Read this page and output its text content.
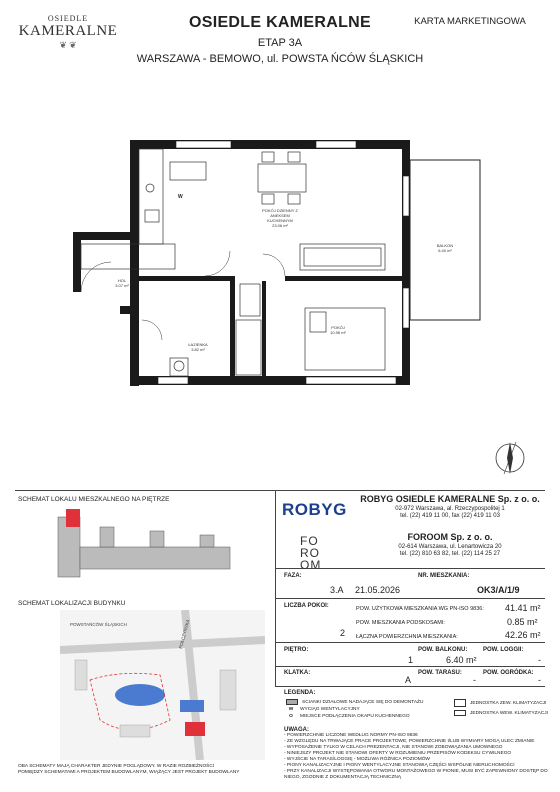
OSIEDLE
KAMERALNE
❦ ❦
OSIEDLE KAMERALNE
ETAP 3A
WARSZAWA - BEMOWO, ul. POWSTA ŃCÓW ŚLĄSKICH
KARTA MARKETINGOWA
POKÓJ DZIENNY Z
ANEKSEM
KUCHENNYM
23.06 m²
BALKON
6.40 m²
HOL
3.07 m²
ŁAZIENKA
3.82 m²
POKÓJ
10.96 m²
W
SCHEMAT LOKALU MIESZKALNEGO NA PIĘTRZE
SCHEMAT LOKALIZACJI BUDYNKU
POWSTAŃCÓW ŚLĄSKICH	POŁCZYŃSKA
OBA SCHEMATY MAJĄ CHARAKTER JEDYNIE POGLĄDOWY. W RAZIE ROZBIEŻNOŚCI
POMIĘDZY SCHEMATAMI A PROJEKTEM BUDOWLANYM, WIĄŻĄCY JEST PROJEKT BUDOWLANY
ROBYG
FO
RO
OM
ROBYG OSIEDLE KAMERALNE Sp. z o. o.
02-972 Warszawa, al. Rzeczypospolitej 1
tel. (22) 419 11 00, fax (22) 419 11 03
FOROOM Sp. z o. o.
02-614 Warszawa, ul. Lenartowicza 20
tel. (22) 810 63 82, tel. (22) 114 25 27
FAZA:
3.A 21.05.2026
NR. MIESZKANIA:
OK3/A/1/9
LICZBA POKOI:
2
POW. UŻYTKOWA MIESZKANIA WG PN-ISO 9836: 41.41 m²
POW. MIESZKANIA PODSKOSAMI:	0.85 m²
ŁĄCZNA POWIERZCHNIA MIESZKANIA:	42.26 m²
PIĘTRO:
1
POW. BALKONU:
6.40 m²
POW. LOGGII:
-
KLATKA:
A
POW. TARASU:
-
POW. OGRÓDKA:
-
LEGENDA:
SCIANKI DZIAŁOWE NADAJĄCE SIĘ DO DEMONTAŻU
W	WYCIĄG WENTYLACYJNY
O	MIEJSCE PODŁĄCZENIA OKAPU KUCHENNEGO
JEDNOSTKA ZEW. KLIMATYZACJI
JEDNOSTKA WEW. KLIMATYZACJI
UWAGA:
- POWIERZCHNIE LICZONE WEDŁUG NORMY PN-ISO 9836
- ZE WZGLĘDU NA TRWAJĄCE PRACE PROJEKTOWE, POWIERZCHNIE I/LUB WYMIARY MOGĄ ULEC ZMIANIE
- WYPOSAŻENIE TYLKO W CELACH PREZENTACJI, NIE STANOWI ZOBOWIĄZANIA UMOWNEGO
- NINIEJSZY PROJEKT NIE STANOWI OFERTY W ROZUMIENIU PRZEPISÓW KODEKSU CYWILNEGO
- WYJŚCIE NA TARAS/LOGGIĘ - MOŻLIWA RÓŻNICA POZIOMÓW
- PIONY KANALIZACYJNE I PIONY WENTYLACYJNE STANOWIĄ CZĘŚCI WSPÓLNE NIERUCHOMOŚCI
- PRZY KANALIZACJI WYSTĘPOWANIA OTWORU MONTAŻOWEGO W PIONIE, MUSI BYĆ ZAPEWNIONY DOSTĘP DO
NIEGO, ZGODNIE Z DOKUMENTACJĄ TECHNICZNĄ
